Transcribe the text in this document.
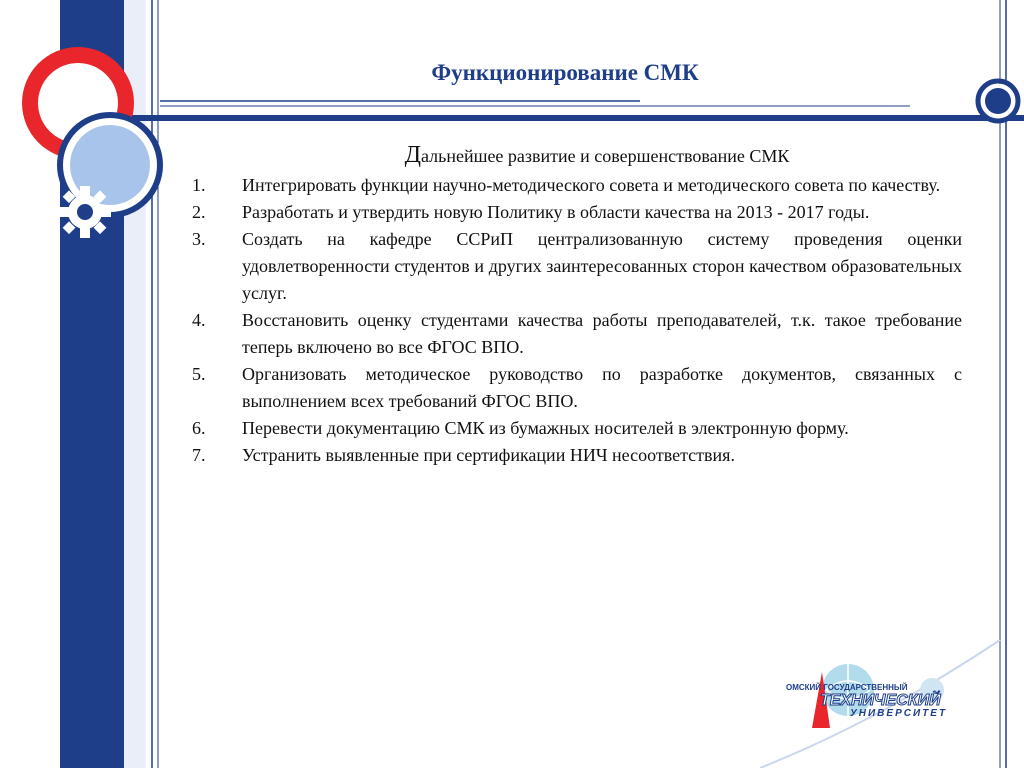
Функционирование СМК
Дальнейшее развитие и совершенствование СМК
1.	Интегрировать функции научно-методического совета и методического совета по качеству.
2.	Разработать и утвердить новую Политику в области качества на 2013 - 2017 годы.
3.	Создать на кафедре ССРиП централизованную систему проведения оценки удовлетворенности студентов и других заинтересованных сторон качеством образовательных услуг.
4.	Восстановить оценку студентами качества работы преподавателей, т.к. такое требование теперь включено во все ФГОС ВПО.
5.	Организовать методическое руководство по разработке документов, связанных с выполнением всех требований ФГОС ВПО.
6.	Перевести документацию СМК из бумажных носителей в электронную форму.
7.	Устранить выявленные при сертификации НИЧ несоответствия.
ОМСКИЙ ГОСУДАРСТВЕННЫЙ
ТЕХНИЧЕСКИЙ
УНИВЕРСИТЕТ
